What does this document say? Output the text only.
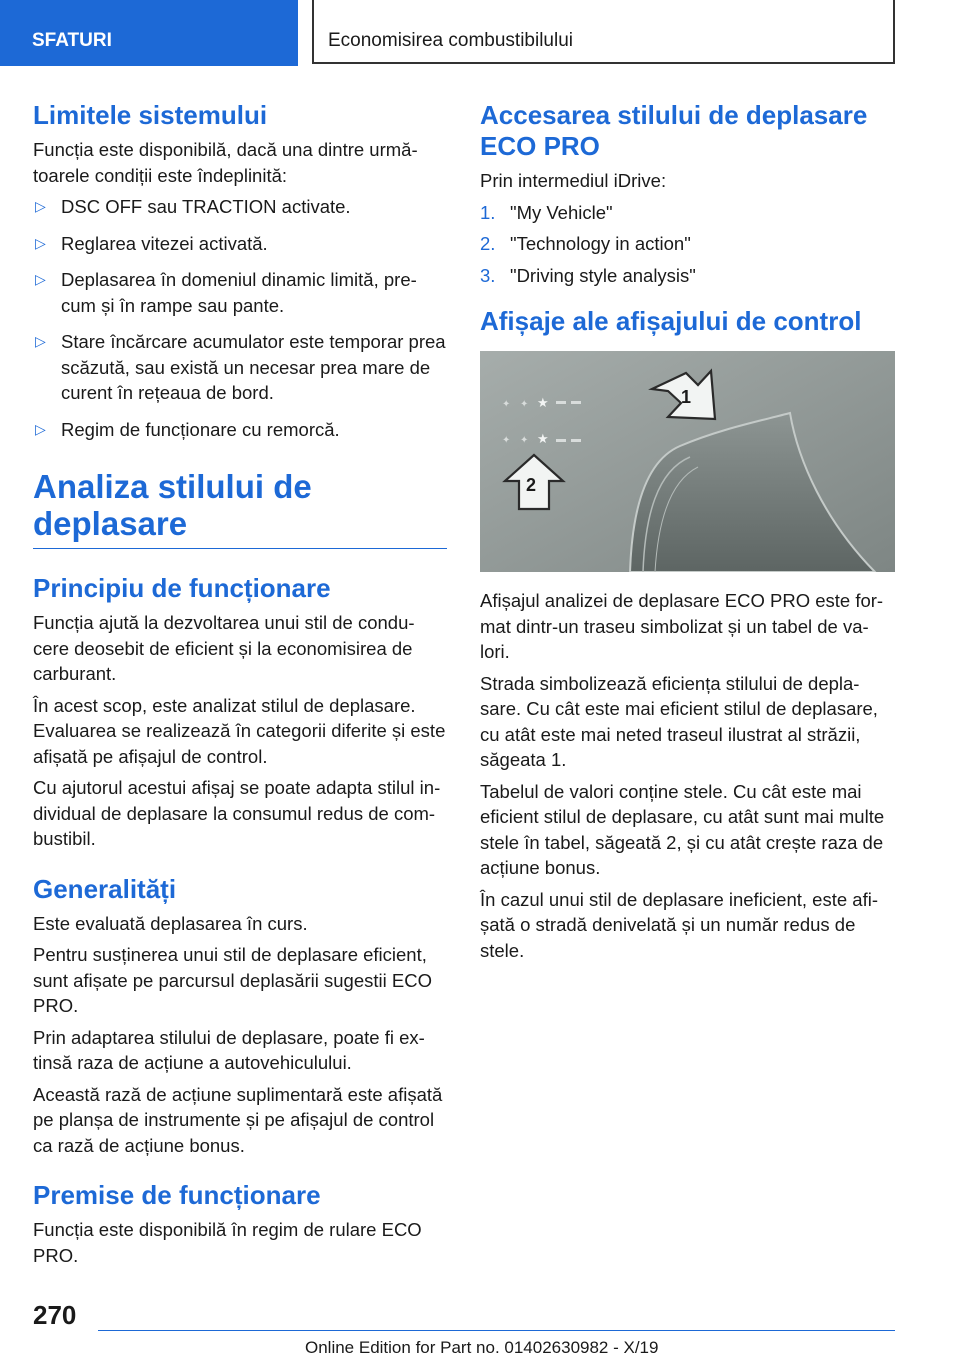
SFATURI	Economisirea combustibilului
Limitele sistemului

Funcția este disponibilă, dacă una dintre urmă‐toarele condiții este îndeplinită:

▷ DSC OFF sau TRACTION activate.
▷ Reglarea vitezei activată.
▷ Deplasarea în domeniul dinamic limită, pre‐cum și în rampe sau pante.
▷ Stare încărcare acumulator este temporar prea scăzută, sau există un necesar prea mare de curent în rețeaua de bord.
▷ Regim de funcționare cu remorcă.
Analiza stilului de deplasare
Principiu de funcționare

Funcția ajută la dezvoltarea unui stil de condu‐cere deosebit de eficient și la economisirea de carburant.

În acest scop, este analizat stilul de deplasare. Evaluarea se realizează în categorii diferite și este afișată pe afișajul de control.

Cu ajutorul acestui afișaj se poate adapta stilul in‐dividual de deplasare la consumul redus de com‐bustibil.

Generalități

Este evaluată deplasarea în curs.

Pentru susținerea unui stil de deplasare eficient, sunt afișate pe parcursul deplasării sugestii ECO PRO.

Prin adaptarea stilului de deplasare, poate fi ex‐tinsă raza de acțiune a autovehiculului.

Această rază de acțiune suplimentară este afișată pe planșa de instrumente și pe afișajul de control ca rază de acțiune bonus.

Premise de funcționare

Funcția este disponibilă în regim de rulare ECO PRO.

Accesarea stilului de deplasare ECO PRO

Prin intermediul iDrive:

1. "My Vehicle"
2. "Technology in action"
3. "Driving style analysis"
Afișaje ale afișajului de control
✦ ✦ ★
✦ ✦ ★
1
2

Afișajul analizei de deplasare ECO PRO este for‐mat dintr-un traseu simbolizat și un tabel de va‐lori.

Strada simbolizează eficiența stilului de depla‐sare. Cu cât este mai eficient stilul de deplasare, cu atât este mai neted traseul ilustrat al străzii, săgeata 1.

Tabelul de valori conține stele. Cu cât este mai eficient stilul de deplasare, cu atât sunt mai multe stele în tabel, săgeată 2, și cu atât crește raza de acțiune bonus.

În cazul unui stil de deplasare ineficient, este afi‐șată o stradă denivelată și un număr redus de stele.

270
Online Edition for Part no. 01402630982 - X/19
